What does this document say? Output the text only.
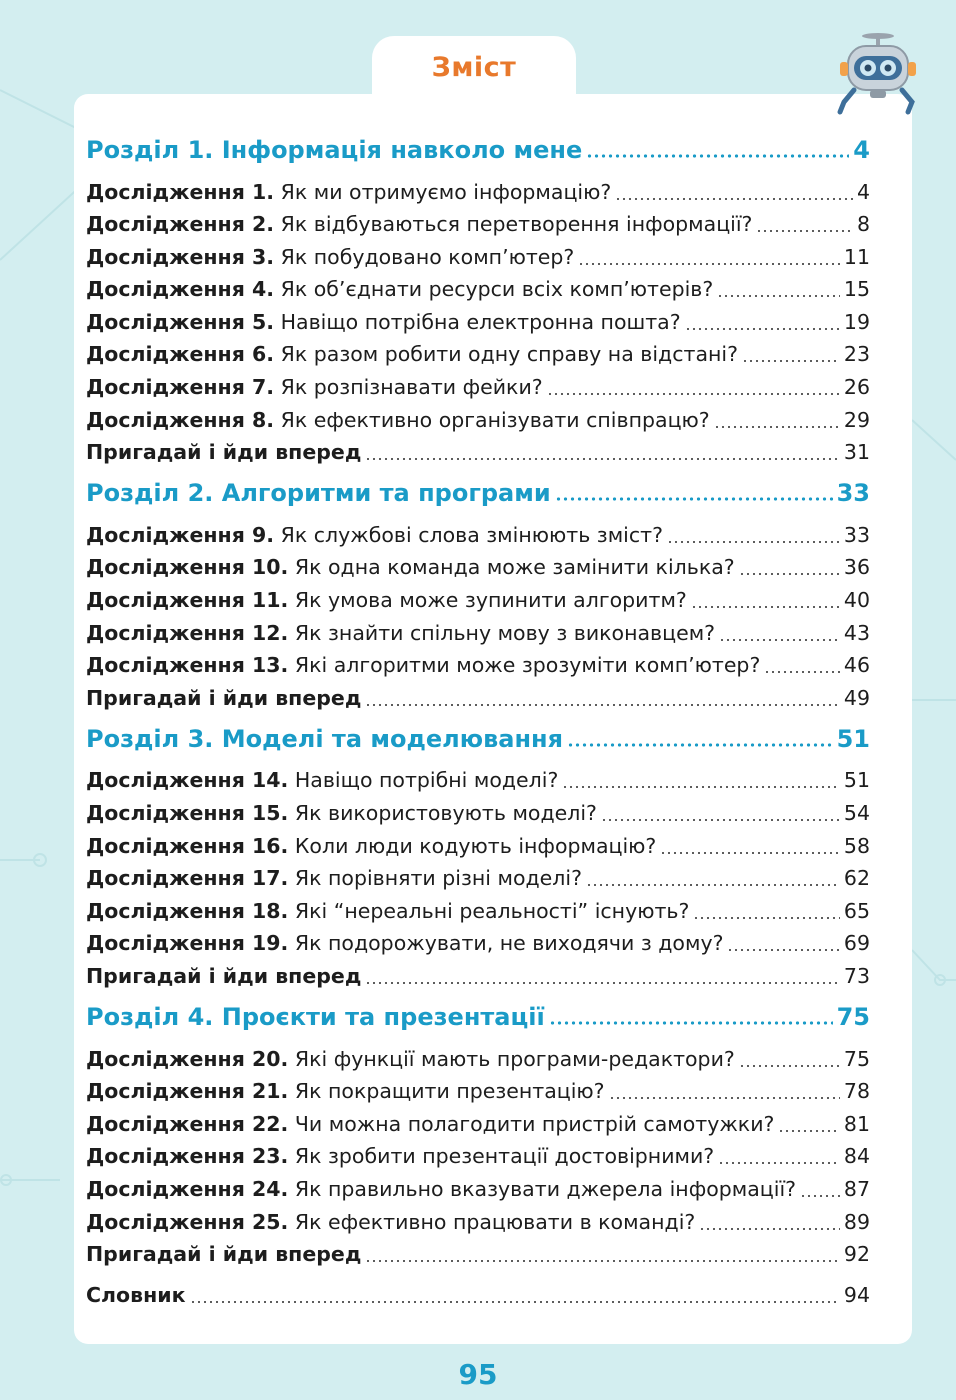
Зміст
Розділ 1. Інформація навколо мене	4
Дослідження 1. Як ми отримуємо інформацію?	4
Дослідження 2. Як відбуваються перетворення інформації?	8
Дослідження 3. Як побудовано комп’ютер?	11
Дослідження 4. Як об’єднати ресурси всіх комп’ютерів?	15
Дослідження 5. Навіщо потрібна електронна пошта?	19
Дослідження 6. Як разом робити одну справу на відстані?	23
Дослідження 7. Як розпізнавати фейки?	26
Дослідження 8. Як ефективно організувати співпрацю?	29
Пригадай і йди вперед	31
Розділ 2. Алгоритми та програми	33
Дослідження 9. Як службові слова змінюють зміст?	33
Дослідження 10. Як одна команда може замінити кілька?	36
Дослідження 11. Як умова може зупинити алгоритм?	40
Дослідження 12. Як знайти спільну мову з виконавцем?	43
Дослідження 13. Які алгоритми може зрозуміти комп’ютер?	46
Пригадай і йди вперед	49
Розділ 3. Моделі та моделювання	51
Дослідження 14. Навіщо потрібні моделі?	51
Дослідження 15. Як використовують моделі?	54
Дослідження 16. Коли люди кодують інформацію?	58
Дослідження 17. Як порівняти різні моделі?	62
Дослідження 18. Які “нереальні реальності” існують?	65
Дослідження 19. Як подорожувати, не виходячи з дому?	69
Пригадай і йди вперед	73
Розділ 4. Проєкти та презентації	75
Дослідження 20. Які функції мають програми-редактори?	75
Дослідження 21. Як покращити презентацію?	78
Дослідження 22. Чи можна полагодити пристрій самотужки?	81
Дослідження 23. Як зробити презентації достовірними?	84
Дослідження 24. Як правильно вказувати джерела інформації? 87
Дослідження 25. Як ефективно працювати в команді?	89
Пригадай і йди вперед	92
Словник	94
95
